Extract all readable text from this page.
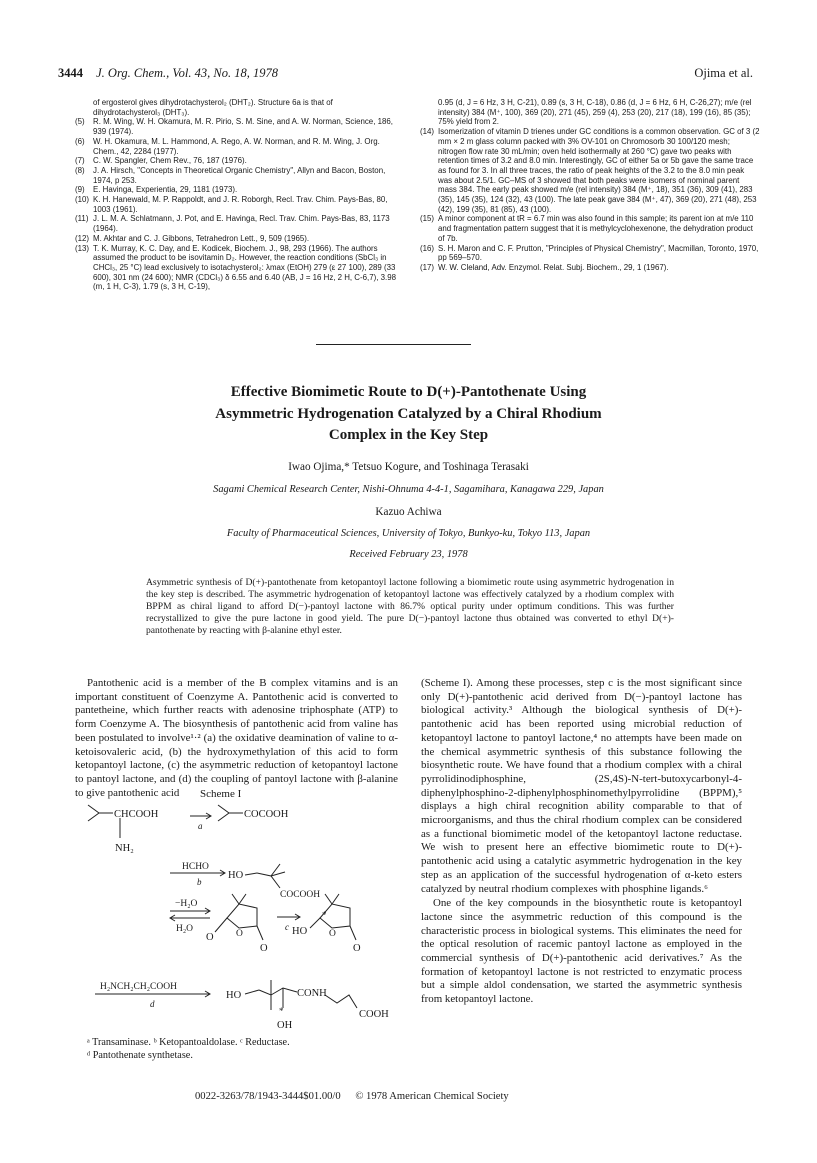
3444 J. Org. Chem., Vol. 43, No. 18, 1978	Ojima et al.
of ergosterol gives dihydrotachysterol₂ (DHT₂). Structure 6a is that of dihydrotachysterol₃ (DHT₃).
(5)	R. M. Wing, W. H. Okamura, M. R. Pirio, S. M. Sine, and A. W. Norman, Science, 186, 939 (1974).
(6)	W. H. Okamura, M. L. Hammond, A. Rego, A. W. Norman, and R. M. Wing, J. Org. Chem., 42, 2284 (1977).
(7)	C. W. Spangler, Chem Rev., 76, 187 (1976).
(8)	J. A. Hirsch, "Concepts in Theoretical Organic Chemistry", Allyn and Bacon, Boston, 1974, p 253.
(9)	E. Havinga, Experientia, 29, 1181 (1973).
(10) K. H. Hanewald, M. P. Rappoldt, and J. R. Roborgh, Recl. Trav. Chim. Pays-Bas, 80, 1003 (1961).
(11) J. L. M. A. Schlatmann, J. Pot, and E. Havinga, Recl. Trav. Chim. Pays-Bas, 83, 1173 (1964).
(12) M. Akhtar and C. J. Gibbons, Tetrahedron Lett., 9, 509 (1965).
(13) T. K. Murray, K. C. Day, and E. Kodicek, Biochem. J., 98, 293 (1966). The authors assumed the product to be isovitamin D₂. However, the reaction conditions (SbCl₃ in CHCl₃, 25 °C) lead exclusively to isotachysterol₂: λmax (EtOH) 279 (ε 27 100), 289 (33 600), 301 nm (24 600); NMR (CDCl₃) δ 6.55 and 6.40 (AB, J = 16 Hz, 2 H, C-6,7), 3.98 (m, 1 H, C-3), 1.79 (s, 3 H, C-19),
0.95 (d, J = 6 Hz, 3 H, C-21), 0.89 (s, 3 H, C-18), 0.86 (d, J = 6 Hz, 6 H, C-26,27); m/e (rel intensity) 384 (M⁺, 100), 369 (20), 271 (45), 259 (4), 253 (20), 217 (18), 199 (16), 85 (35); 75% yield from 2.
(14) Isomerization of vitamin D trienes under GC conditions is a common observation. GC of 3 (2 mm × 2 m glass column packed with 3% OV-101 on Chromosorb 30 100/120 mesh; nitrogen flow rate 30 mL/min; oven held isothermally at 260 °C) gave two peaks with retention times of 3.2 and 8.0 min. Interestingly, GC of either 5a or 5b gave the same trace as found for 3. In all three traces, the ratio of peak heights of the 3.2 to the 8.0 min peak was about 2.5/1. GC–MS of 3 showed that both peaks were isomers of nominal parent mass 384. The early peak showed m/e (rel intensity) 384 (M⁺, 18), 351 (36), 309 (41), 283 (35), 145 (35), 124 (32), 43 (100). The late peak gave 384 (M⁺, 47), 369 (20), 271 (48), 253 (42), 199 (35), 81 (85), 43 (100).
(15) A minor component at tR = 6.7 min was also found in this sample; its parent ion at m/e 110 and fragmentation pattern suggest that it is methylcyclohexenone, the dehydration product of 7b.
(16) S. H. Maron and C. F. Prutton, "Principles of Physical Chemistry", Macmillan, Toronto, 1970, pp 569–570.
(17) W. W. Cleland, Adv. Enzymol. Relat. Subj. Biochem., 29, 1 (1967).
Effective Biomimetic Route to D(+)-Pantothenate Using
Asymmetric Hydrogenation Catalyzed by a Chiral Rhodium
Complex in the Key Step
Iwao Ojima,* Tetsuo Kogure, and Toshinaga Terasaki
Sagami Chemical Research Center, Nishi-Ohnuma 4-4-1, Sagamihara, Kanagawa 229, Japan
Kazuo Achiwa
Faculty of Pharmaceutical Sciences, University of Tokyo, Bunkyo-ku, Tokyo 113, Japan
Received February 23, 1978
Asymmetric synthesis of D(+)-pantothenate from ketopantoyl lactone following a biomimetic route using asymmetric hydrogenation in the key step is described. The asymmetric hydrogenation of ketopantoyl lactone was effectively catalyzed by a rhodium complex with BPPM as chiral ligand to afford D(−)-pantoyl lactone with 86.7% optical purity under optimum conditions. This was further recrystallized to give the pure lactone in good yield. The pure D(−)-pantoyl lactone thus obtained was converted to ethyl D(+)-pantothenate by reacting with β-alanine ethyl ester.

Pantothenic acid is a member of the B complex vitamins and is an important constituent of Coenzyme A. Pantothenic acid is converted to pantetheine, which further reacts with adenosine triphosphate (ATP) to form Coenzyme A. The biosynthesis of pantothenic acid from valine has been postulated to involve¹·² (a) the oxidative deamination of valine to α-ketoisovaleric acid, (b) the hydroxymethylation of this acid to form ketopantoyl lactone, (c) the asymmetric reduction of ketopantoyl lactone to pantoyl lactone, and (d) the coupling of pantoyl lactone with β-alanine to give pantothenic acid	Scheme I
CHCOOH
NH₂
a
COCOOH
HCHO
b
HO
COCOOH
−H₂O
H₂O
O O
O
c HO O
O
*
H₂NCH₂CH₂COOH
d
HO	CONH
COOH
OH
*
ᵃ Transaminase. ᵇ Ketopantoaldolase. ᶜ Reductase.
ᵈ Pantothenate synthetase.

(Scheme I). Among these processes, step c is the most significant since only D(+)-pantothenic acid derived from D(−)-pantoyl lactone has biological activity.³ Although the biological synthesis of D(+)-pantothenic acid has been reported using microbial reduction of ketopantoyl lactone to pantoyl lactone,⁴ no attempts have been made on the chemical asymmetric synthesis of this substance following the biosynthetic route. We have found that a rhodium complex with a chiral pyrrolidinodiphosphine, (2S,4S)-N-tert-butoxycarbonyl-4-diphenylphosphino-2-diphenylphosphinomethylpyrrolidine (BPPM),⁵ displays a high chiral recognition ability comparable to that of microorganisms, and thus the chiral rhodium complex can be considered as a functional biomimetic model of the ketopantoyl lactone reductase. We wish to present here an effective biomimetic route to D(+)-pantothenic acid using a catalytic asymmetric hydrogenation in the key step as an application of the successful hydrogenation of α-keto esters catalyzed by neutral rhodium complexes with phosphine ligands.⁶

One of the key compounds in the biosynthetic route is ketopantoyl lactone since the asymmetric reduction of this compound is the characteristic process in biological systems. This eliminates the need for the optical resolution of racemic pantoyl lactone as employed in the commercial synthesis of D(+)-pantothenic acid derivatives.⁷ As the formation of ketopantoyl lactone is not restricted to enzymatic process but a simple aldol condensation, we started the asymmetric synthesis from ketopantoyl lactone.

0022-3263/78/1943-3444$01.00/0 © 1978 American Chemical Society
